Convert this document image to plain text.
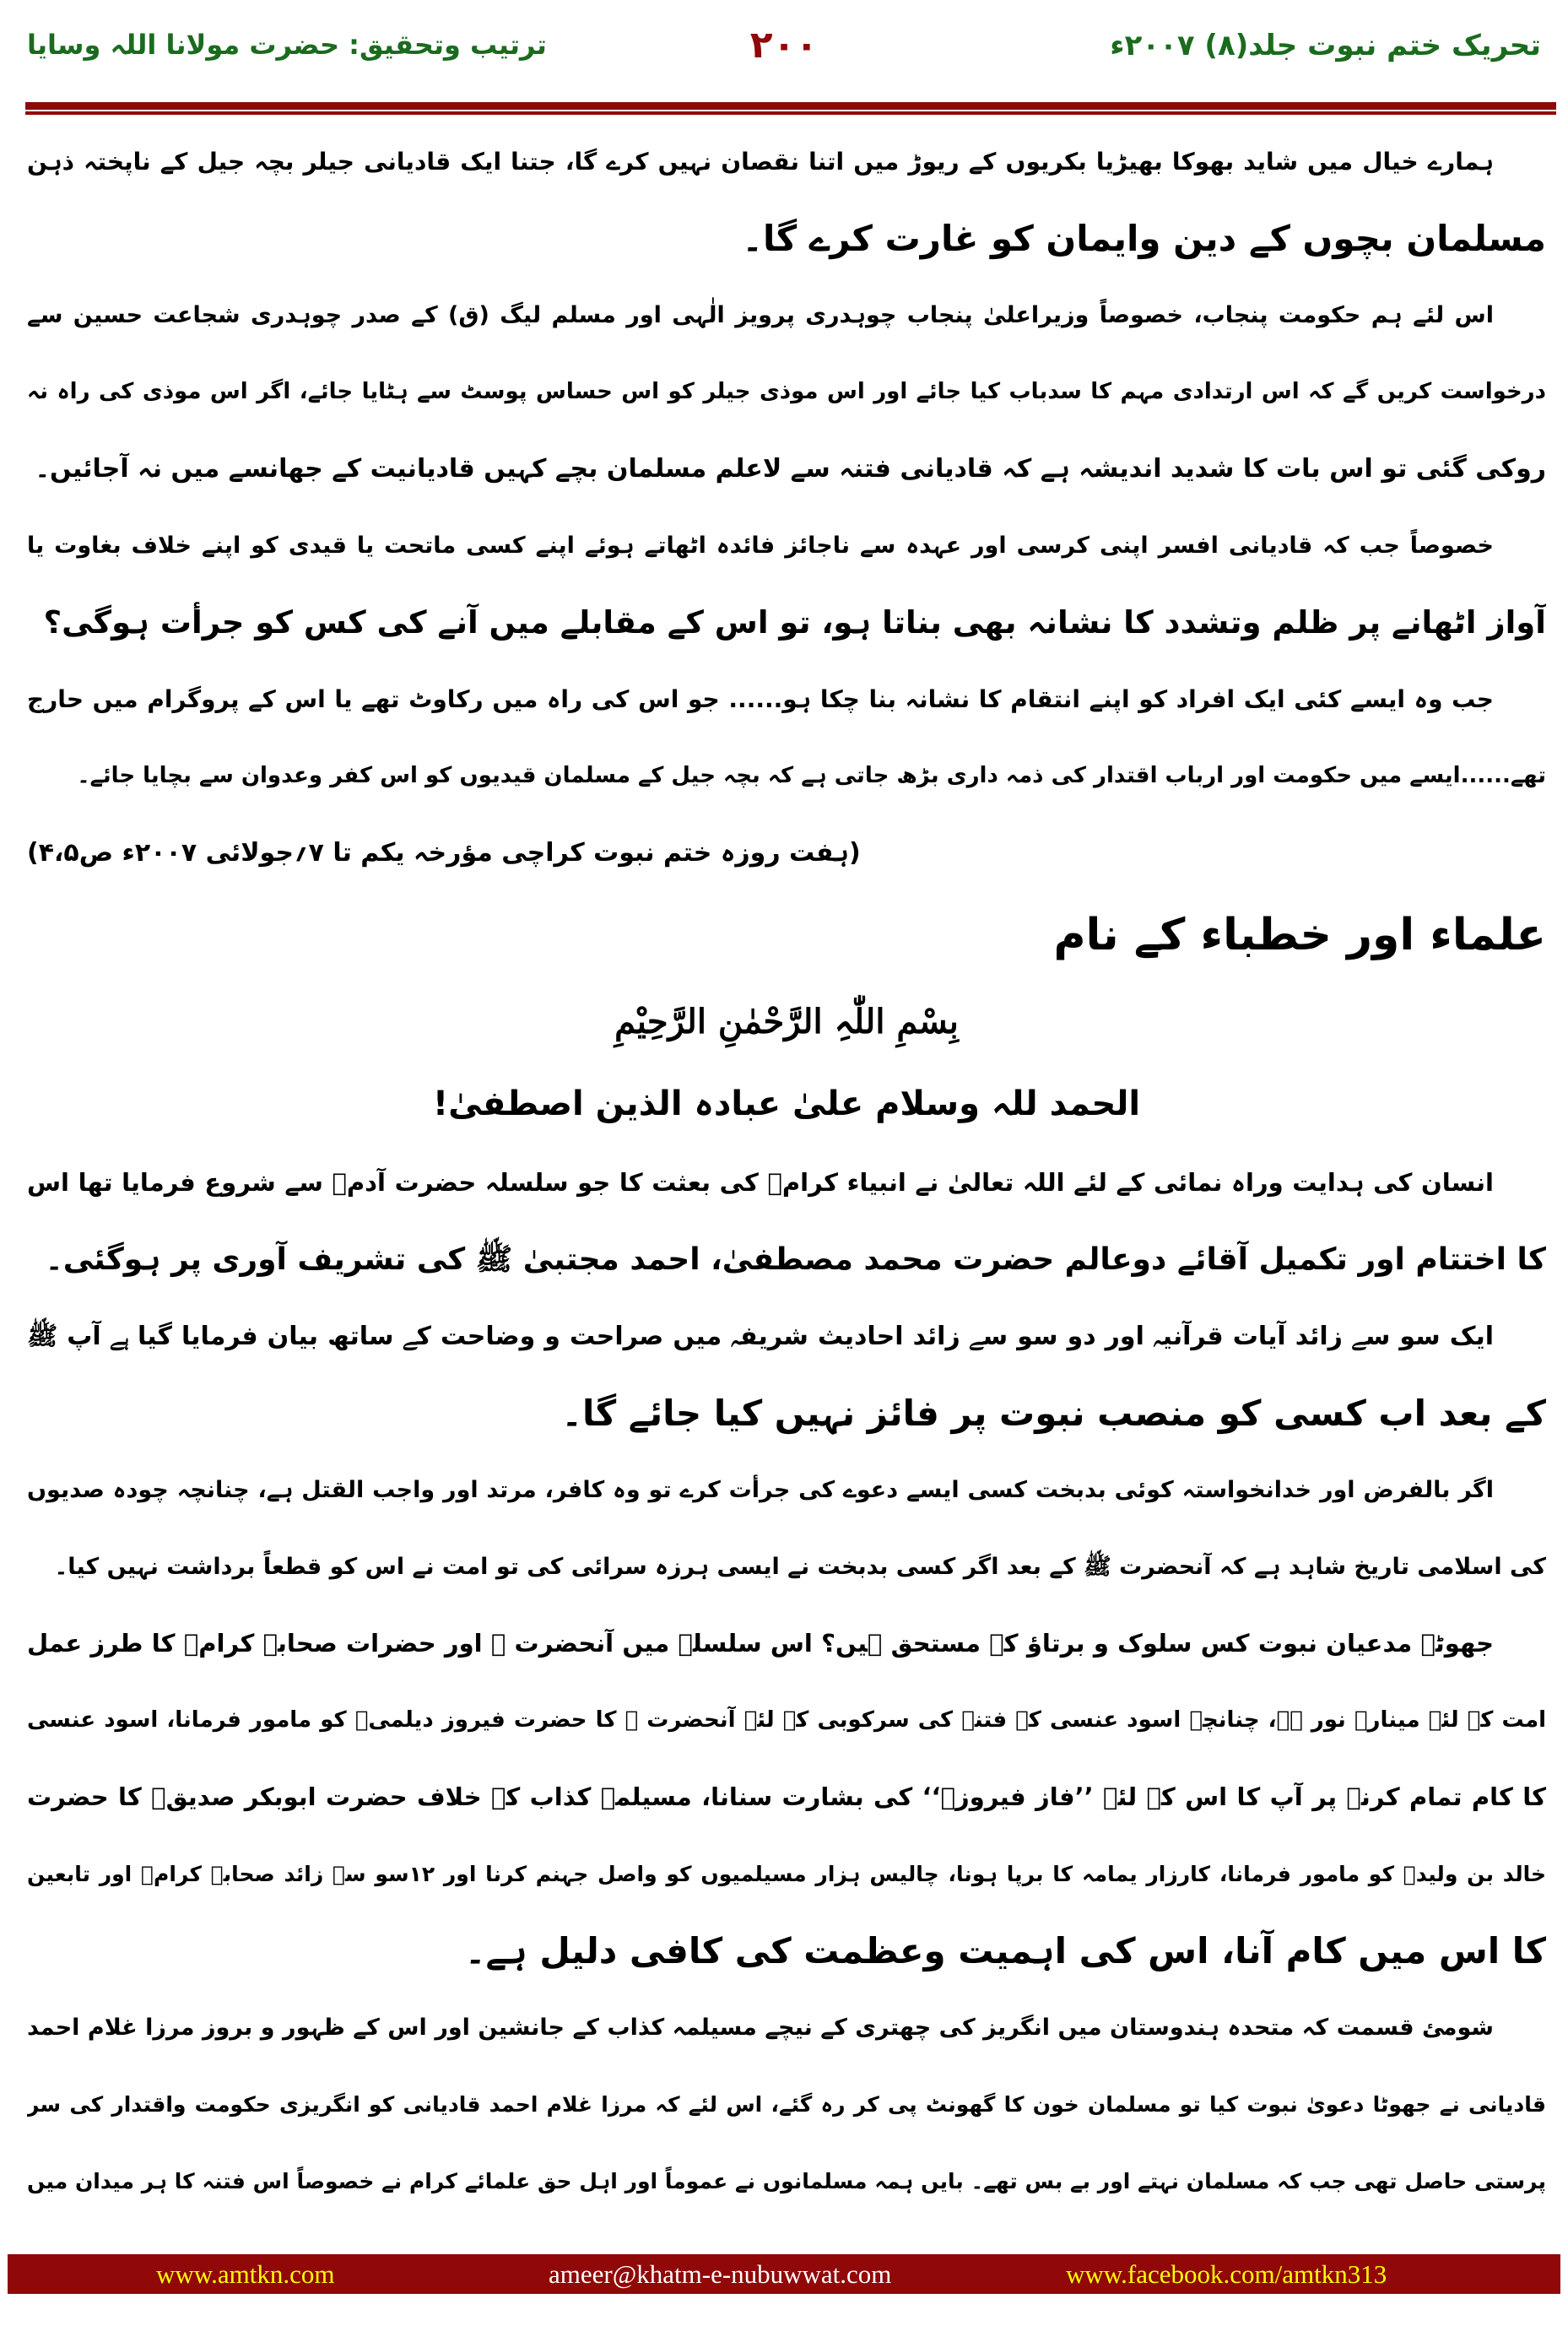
تحریک ختم نبوت جلد(۸) ۲۰۰۷ء
۲۰۰
ترتیب وتحقیق: حضرت مولانا اللہ وسایا
ہمارے خیال میں شاید بھوکا بھیڑیا بکریوں کے ریوڑ میں اتنا نقصان نہیں کرے گا، جتنا ایک قادیانی جیلر بچہ جیل کے ناپختہ ذہن
مسلمان بچوں کے دین وایمان کو غارت کرے گا۔
اس لئے ہم حکومت پنجاب، خصوصاً وزیراعلیٰ پنجاب چوہدری پرویز الٰہی اور مسلم لیگ (ق) کے صدر چوہدری شجاعت حسین سے
درخواست کریں گے کہ اس ارتدادی مہم کا سدباب کیا جائے اور اس موذی جیلر کو اس حساس پوسٹ سے ہٹایا جائے، اگر اس موذی کی راہ نہ
روکی گئی تو اس بات کا شدید اندیشہ ہے کہ قادیانی فتنہ سے لاعلم مسلمان بچے کہیں قادیانیت کے جھانسے میں نہ آجائیں۔
خصوصاً جب کہ قادیانی افسر اپنی کرسی اور عہدہ سے ناجائز فائدہ اٹھاتے ہوئے اپنے کسی ماتحت یا قیدی کو اپنے خلاف بغاوت یا
آواز اٹھانے پر ظلم وتشدد کا نشانہ بھی بناتا ہو، تو اس کے مقابلے میں آنے کی کس کو جرأت ہوگی؟
جب وہ ایسے کئی ایک افراد کو اپنے انتقام کا نشانہ بنا چکا ہو...... جو اس کی راہ میں رکاوٹ تھے یا اس کے پروگرام میں حارج
تھے......ایسے میں حکومت اور ارباب اقتدار کی ذمہ داری بڑھ جاتی ہے کہ بچہ جیل کے مسلمان قیدیوں کو اس کفر وعدوان سے بچایا جائے۔
(ہفت روزہ ختم نبوت کراچی مؤرخہ یکم تا ۷؍جولائی ۲۰۰۷ء ص۴،۵)
علماء اور خطباء کے نام
بِسْمِ اللّٰہِ الرَّحْمٰنِ الرَّحِیْمِ
الحمد للہ وسلام علیٰ عبادہ الذین اصطفیٰ!
انسان کی ہدایت وراہ نمائی کے لئے اللہ تعالیٰ نے انبیاء کرامؑ کی بعثت کا جو سلسلہ حضرت آدمؑ سے شروع فرمایا تھا اس
کا اختتام اور تکمیل آقائے دوعالم حضرت محمد مصطفیٰ، احمد مجتبیٰ ﷺ کی تشریف آوری پر ہوگئی۔
ایک سو سے زائد آیات قرآنیہ اور دو سو سے زائد احادیث شریفہ میں صراحت و وضاحت کے ساتھ بیان فرمایا گیا ہے آپ ﷺ
کے بعد اب کسی کو منصب نبوت پر فائز نہیں کیا جائے گا۔
اگر بالفرض اور خدانخواستہ کوئی بدبخت کسی ایسے دعوے کی جرأت کرے تو وہ کافر، مرتد اور واجب القتل ہے، چنانچہ چودہ صدیوں
کی اسلامی تاریخ شاہد ہے کہ آنحضرت ﷺ کے بعد اگر کسی بدبخت نے ایسی ہرزہ سرائی کی تو امت نے اس کو قطعاً برداشت نہیں کیا۔
جھوٹے مدعیان نبوت کس سلوک و برتاؤ کے مستحق ہیں؟ اس سلسلہ میں آنحضرت ﷺ اور حضرات صحابہ کرامؓ کا طرز عمل
امت کے لئے مینارۂ نور ہے، چنانچہ اسود عنسی کے فتنہ کی سرکوبی کے لئے آنحضرت ﷺ کا حضرت فیروز دیلمیؓ کو مامور فرمانا، اسود عنسی
کا کام تمام کرنے پر آپ کا اس کے لئے ’’فاز فیروزؓ‘‘ کی بشارت سنانا، مسیلمہ کذاب کے خلاف حضرت ابوبکر صدیقؓ کا حضرت
خالد بن ولیدؓ کو مامور فرمانا، کارزار یمامہ کا برپا ہونا، چالیس ہزار مسیلمیوں کو واصل جہنم کرنا اور ۱۲سو سے زائد صحابہ کرامؓ اور تابعین
کا اس میں کام آنا، اس کی اہمیت وعظمت کی کافی دلیل ہے۔
شومئ قسمت کہ متحدہ ہندوستان میں انگریز کی چھتری کے نیچے مسیلمہ کذاب کے جانشین اور اس کے ظہور و بروز مرزا غلام احمد
قادیانی نے جھوٹا دعویٰ نبوت کیا تو مسلمان خون کا گھونٹ پی کر رہ گئے، اس لئے کہ مرزا غلام احمد قادیانی کو انگریزی حکومت واقتدار کی سر
پرستی حاصل تھی جب کہ مسلمان نہتے اور بے بس تھے۔ بایں ہمہ مسلمانوں نے عموماً اور اہل حق علمائے کرام نے خصوصاً اس فتنہ کا ہر میدان میں
www.amtkn.com	ameer@khatm-e-nubuwwat.com	www.facebook.com/amtkn313
